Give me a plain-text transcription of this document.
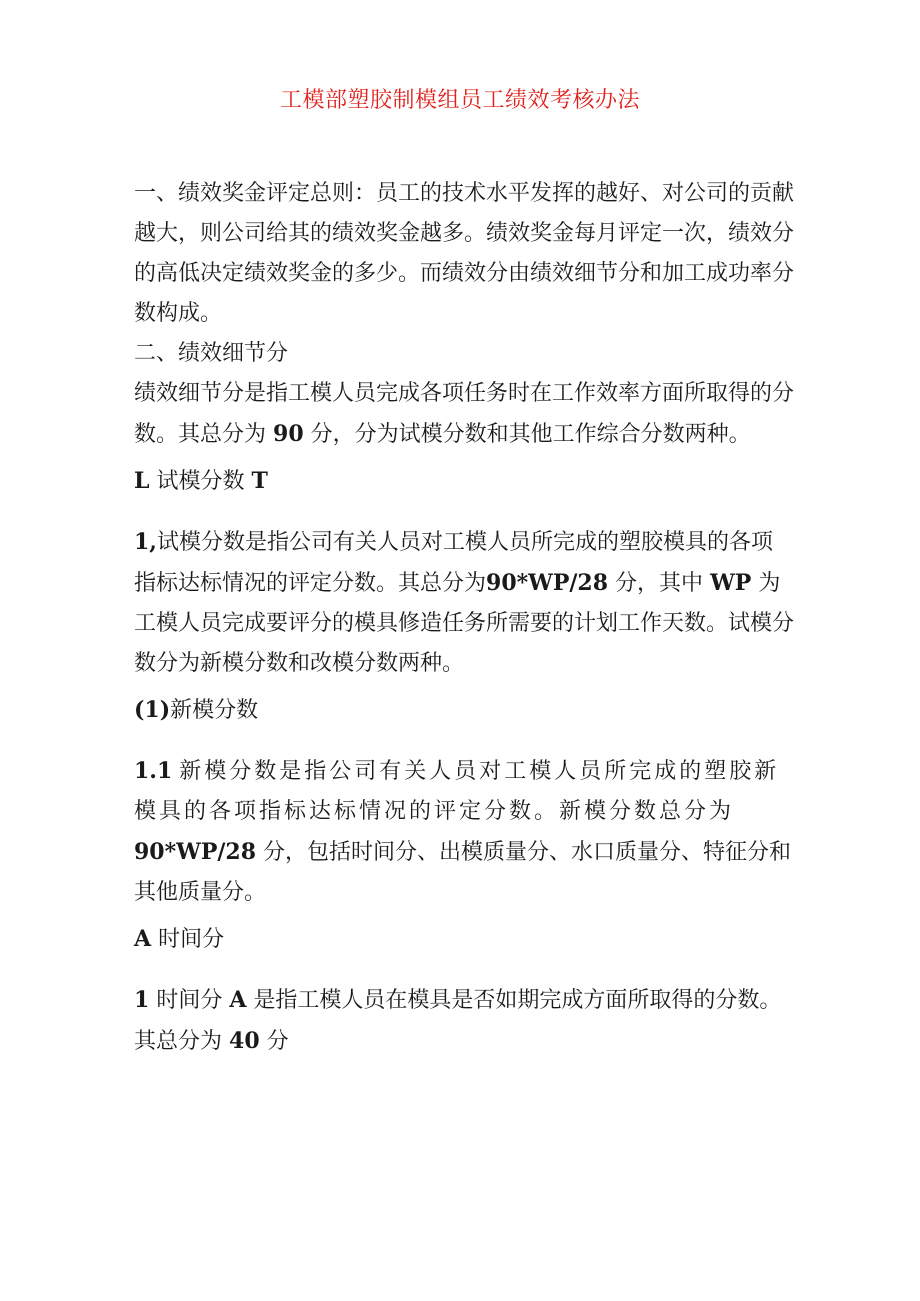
工模部塑胶制模组员工绩效考核办法

一、绩效奖金评定总则：员工的技术水平发挥的越好、对公司的贡献越大，则公司给其的绩效奖金越多。绩效奖金每月评定一次，绩效分的高低决定绩效奖金的多少。而绩效分由绩效细节分和加工成功率分数构成。

二、绩效细节分

绩效细节分是指工模人员完成各项任务时在工作效率方面所取得的分数。其总分为 90 分，分为试模分数和其他工作综合分数两种。

L 试模分数 T

1,试模分数是指公司有关人员对工模人员所完成的塑胶模具的各项指标达标情况的评定分数。其总分为90*WP/28 分，其中 WP 为工模人员完成要评分的模具修造任务所需要的计划工作天数。试模分数分为新模分数和改模分数两种。

(1)新模分数

1.1 新模分数是指公司有关人员对工模人员所完成的塑胶新模具的各项指标达标情况的评定分数。新模分数总分为 90*WP/28 分，包括时间分、出模质量分、水口质量分、特征分和其他质量分。

A 时间分

1 时间分 A 是指工模人员在模具是否如期完成方面所取得的分数。其总分为 40 分
